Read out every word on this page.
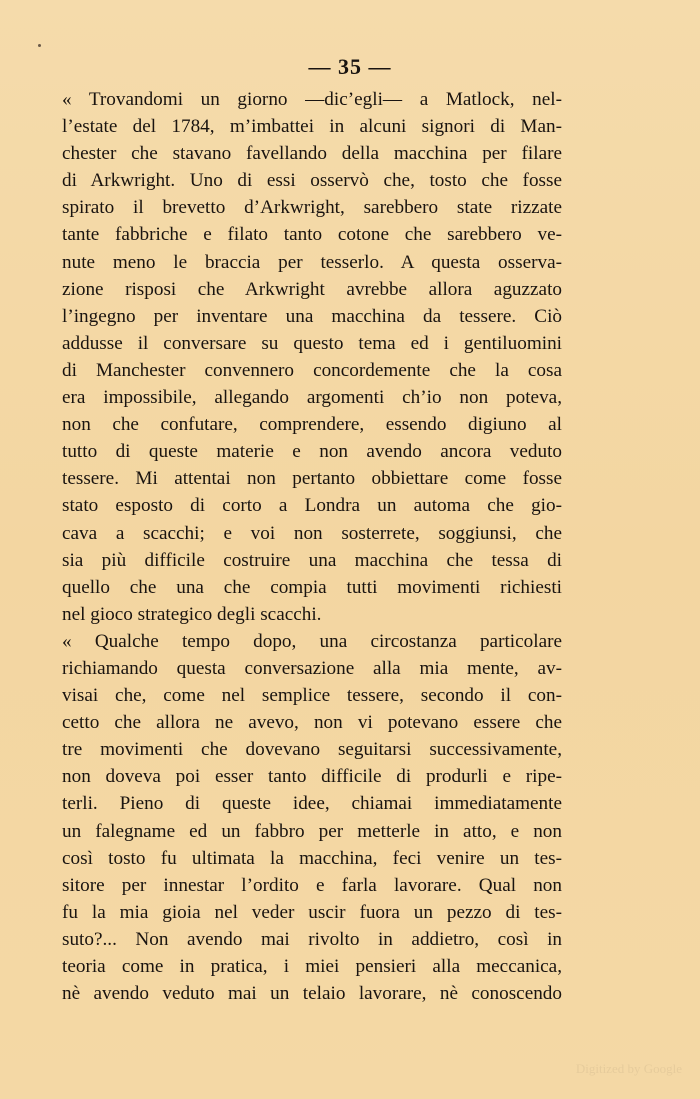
— 35 —
« Trovandomi un giorno —dic’egli— a Matlock, nel-
l’estate del 1784, m’imbattei in alcuni signori di Man-
chester che stavano favellando della macchina per filare
di Arkwright. Uno di essi osservò che, tosto che fosse
spirato il brevetto d’Arkwright, sarebbero state rizzate
tante fabbriche e filato tanto cotone che sarebbero ve-
nute meno le braccia per tesserlo. A questa osserva-
zione risposi che Arkwright avrebbe allora aguzzato
l’ingegno per inventare una macchina da tessere. Ciò
addusse il conversare su questo tema ed i gentiluomini
di Manchester convennero concordemente che la cosa
era impossibile, allegando argomenti ch’io non poteva,
non che confutare, comprendere, essendo digiuno al
tutto di queste materie e non avendo ancora veduto
tessere. Mi attentai non pertanto obbiettare come fosse
stato esposto di corto a Londra un automa che gio-
cava a scacchi; e voi non sosterrete, soggiunsi, che
sia più difficile costruire una macchina che tessa di
quello che una che compia tutti movimenti richiesti
nel gioco strategico degli scacchi.
« Qualche tempo dopo, una circostanza particolare
richiamando questa conversazione alla mia mente, av-
visai che, come nel semplice tessere, secondo il con-
cetto che allora ne avevo, non vi potevano essere che
tre movimenti che dovevano seguitarsi successivamente,
non doveva poi esser tanto difficile di produrli e ripe-
terli. Pieno di queste idee, chiamai immediatamente
un falegname ed un fabbro per metterle in atto, e non
così tosto fu ultimata la macchina, feci venire un tes-
sitore per innestar l’ordito e farla lavorare. Qual non
fu la mia gioia nel veder uscir fuora un pezzo di tes-
suto?... Non avendo mai rivolto in addietro, così in
teoria come in pratica, i miei pensieri alla meccanica,
nè avendo veduto mai un telaio lavorare, nè conoscendo
Digitized by Google
